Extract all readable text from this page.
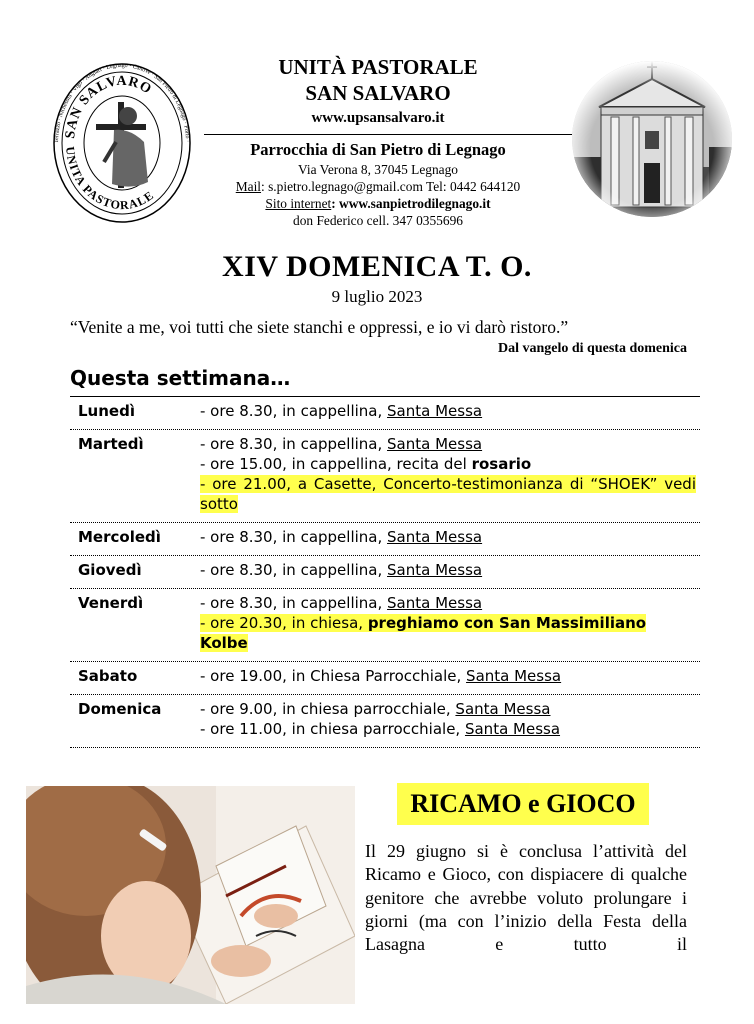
Terrazzo · Nichesola · Vigo · Angiari · Legnago · Canove · San Pietro di Legnago · Porto ·
SAN SALVARO
UNITA PASTORALE
UNITÀ PASTORALE
SAN SALVARO
www.upsansalvaro.it
Parrocchia di San Pietro di Legnago
Via Verona 8, 37045 Legnago
Mail: s.pietro.legnago@gmail.com Tel: 0442 644120
Sito internet: www.sanpietrodilegnago.it
don Federico cell. 347 0355696
XIV DOMENICA T. O.
9 luglio 2023
“Venite a me, voi tutti che siete stanchi e oppressi, e io vi darò ristoro.”
Dal vangelo di questa domenica
Questa settimana…
Lunedì	- ore 8.30, in cappellina, Santa Messa
Martedì	- ore 8.30, in cappellina, Santa Messa
- ore 15.00, in cappellina, recita del rosario
- ore 21.00, a Casette, Concerto-testimonianza di “SHOEK” vedi sotto
Mercoledì	- ore 8.30, in cappellina, Santa Messa
Giovedì	- ore 8.30, in cappellina, Santa Messa
Venerdì	- ore 8.30, in cappellina, Santa Messa
- ore 20.30, in chiesa, preghiamo con San Massimiliano Kolbe
Sabato	- ore 19.00, in Chiesa Parrocchiale, Santa Messa
Domenica	- ore 9.00, in chiesa parrocchiale, Santa Messa
- ore 11.00, in chiesa parrocchiale, Santa Messa
RICAMO e GIOCO
Il 29 giugno si è conclusa l’attività del Ricamo e Gioco, con dispiacere di qualche genitore che avrebbe voluto prolungare i giorni (ma con l’inizio della Festa della Lasagna e tutto il
